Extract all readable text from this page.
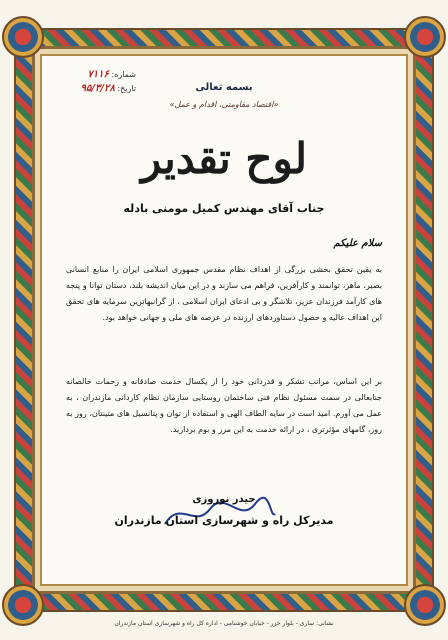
شماره: ۷۱۱۶
تاریخ: ۹۵/۳/۲۸	بسمه تعالی
«اقتصاد مقاومتی، اقدام و عمل»
لوح تقدیر
جناب آقای مهندس کمیل مومنی بادله
سلام علیکم
به یقین تحقق بخشی بزرگی از اهداف نظام مقدس جمهوری اسلامی ایران را منابع انسانی بصیر، ماهر، توانمند و کارآفرین، فراهم می سازند و در این میان اندیشه بلند، دستان توانا و پنجه های کارآمد فرزندان عزیز، تلاشگر و بی ادعای ایران اسلامی ، از گرانبهاترین سرمایه های تحقق این اهداف عالیه و حصول دستاوردهای ارزنده در عرصه های ملی و جهانی خواهد بود.
بر این اساس، مراتب تشکر و قدردانی خود را از یکسال خدمت صادقانه و زحمات خالصانه جنابعالی در سمت مسئول نظام فنی ساختمان روستایی سازمان نظام کاردانی مازندران ، به عمل می آورم. امید است در سایه الطاف الهی و استفاده از توان و پتانسیل های متینتان، روز به روز، گامهای مؤثرتری ، در ارائه خدمت به این مرز و بوم بردارید.
حیدر نوروزی
مدیرکل راه و شهرسازی استان مازندران
نشانی: ساری - بلوار خزر - خیابان خوشنامی - اداره کل راه و شهرسازی استان مازندران
